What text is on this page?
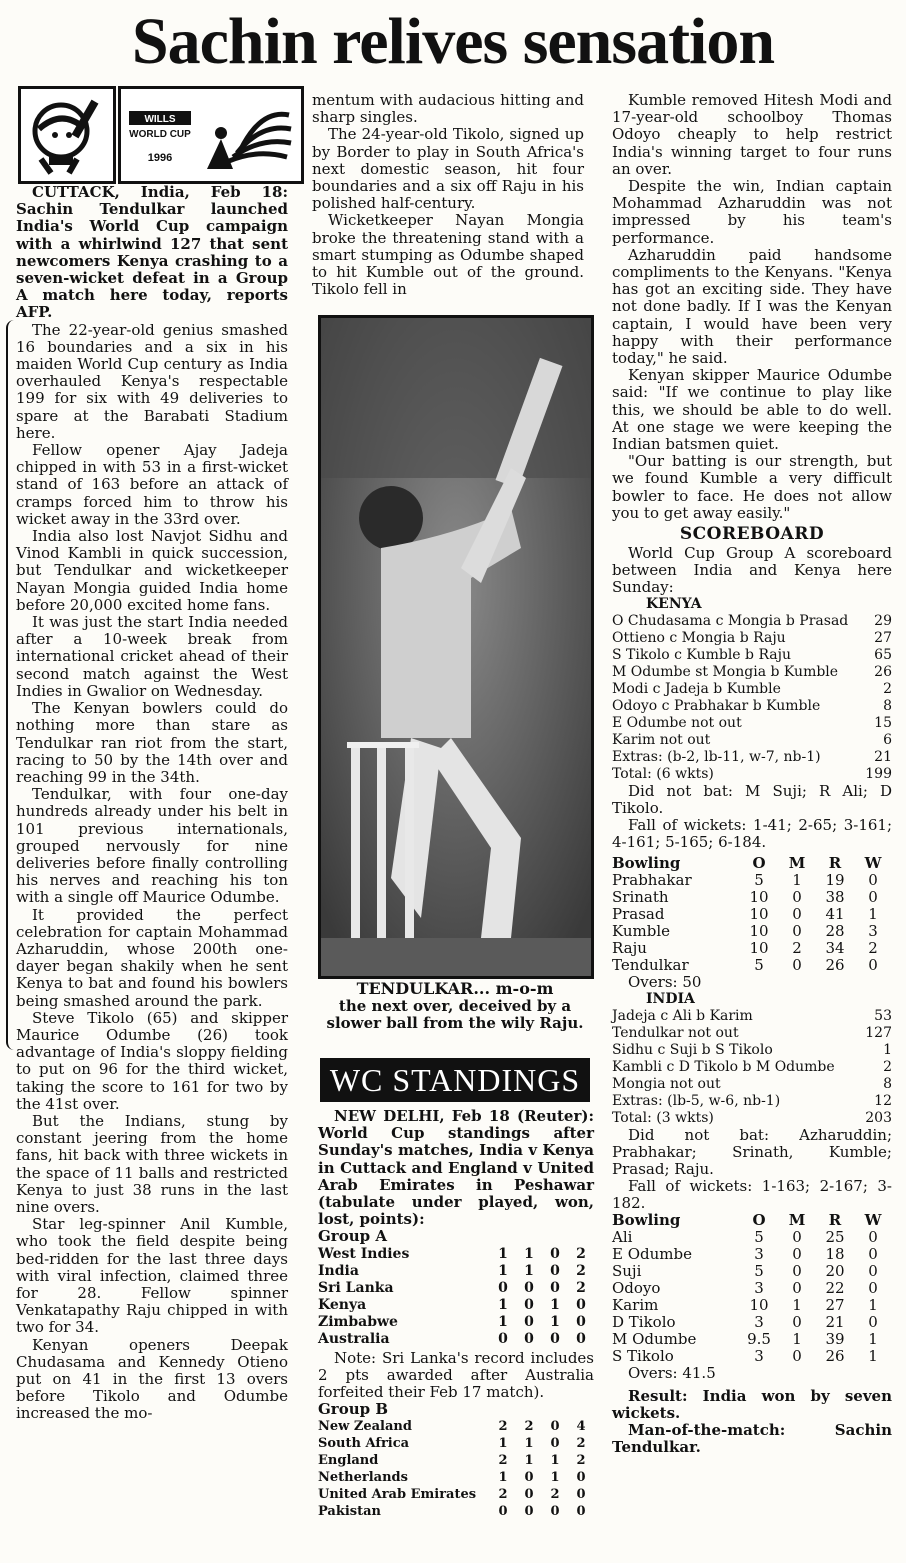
Sachin relives sensation
WILLS
WORLD CUP
1996

CUTTACK, India, Feb 18: Sachin Tendulkar launched India's World Cup campaign with a whirlwind 127 that sent newcomers Kenya crashing to a seven-wicket defeat in a Group A match here today, reports AFP.

The 22-year-old genius smashed 16 boundaries and a six in his maiden World Cup century as India overhauled Kenya's respectable 199 for six with 49 deliveries to spare at the Barabati Stadium here.

Fellow opener Ajay Jadeja chipped in with 53 in a first-wicket stand of 163 before an attack of cramps forced him to throw his wicket away in the 33rd over.

India also lost Navjot Sidhu and Vinod Kambli in quick succession, but Tendulkar and wicketkeeper Nayan Mongia guided India home before 20,000 excited home fans.

It was just the start India needed after a 10-week break from international cricket ahead of their second match against the West Indies in Gwalior on Wednesday.

The Kenyan bowlers could do nothing more than stare as Tendulkar ran riot from the start, racing to 50 by the 14th over and reaching 99 in the 34th.

Tendulkar, with four one-day hundreds already under his belt in 101 previous internationals, grouped nervously for nine deliveries before finally controlling his nerves and reaching his ton with a single off Maurice Odumbe.

It provided the perfect celebration for captain Mohammad Azharuddin, whose 200th one-dayer began shakily when he sent Kenya to bat and found his bowlers being smashed around the park.

Steve Tikolo (65) and skipper Maurice Odumbe (26) took advantage of India's sloppy fielding to put on 96 for the third wicket, taking the score to 161 for two by the 41st over.

But the Indians, stung by constant jeering from the home fans, hit back with three wickets in the space of 11 balls and restricted Kenya to just 38 runs in the last nine overs.

Star leg-spinner Anil Kumble, who took the field despite being bed-ridden for the last three days with viral infection, claimed three for 28. Fellow spinner Venkatapathy Raju chipped in with two for 34.

Kenyan openers Deepak Chudasama and Kennedy Otieno put on 41 in the first 13 overs before Tikolo and Odumbe increased the mo-

mentum with audacious hitting and sharp singles.

The 24-year-old Tikolo, signed up by Border to play in South Africa's next domestic season, hit four boundaries and a six off Raju in his polished half-century.

Wicketkeeper Nayan Mongia broke the threatening stand with a smart stumping as Odumbe shaped to hit Kumble out of the ground. Tikolo fell in

TENDULKAR... m-o-m
the next over, deceived by a slower ball from the wily Raju.
WC STANDINGS

NEW DELHI, Feb 18 (Reuter): World Cup standings after Sunday's matches, India v Kenya in Cuttack and England v United Arab Emirates in Peshawar (tabulate under played, won, lost, points):

Group A
West Indies	1	1	0	2
India	1	1	0	2
Sri Lanka	0	0	0	2
Kenya	1	0	1	0
Zimbabwe	1	0	1	0
Australia	0	0	0	0

Note: Sri Lanka's record includes 2 pts awarded after Australia forfeited their Feb 17 match).

Group B
New Zealand	2	2	0	4
South Africa	1	1	0	2
England	2	1	1	2
Netherlands	1	0	1	0
United Arab Emirates	2	0	2	0
Pakistan	0	0	0	0

Kumble removed Hitesh Modi and 17-year-old schoolboy Thomas Odoyo cheaply to help restrict India's winning target to four runs an over.

Despite the win, Indian captain Mohammad Azharuddin was not impressed by his team's performance.

Azharuddin paid handsome compliments to the Kenyans. "Kenya has got an exciting side. They have not done badly. If I was the Kenyan captain, I would have been very happy with their performance today," he said.

Kenyan skipper Maurice Odumbe said: "If we continue to play like this, we should be able to do well. At one stage we were keeping the Indian batsmen quiet.

"Our batting is our strength, but we found Kumble a very difficult bowler to face. He does not allow you to get away easily."

SCOREBOARD

World Cup Group A scoreboard between India and Kenya here Sunday:

KENYA
O Chudasama c Mongia b Prasad	29
Ottieno c Mongia b Raju	27
S Tikolo c Kumble b Raju	65
M Odumbe st Mongia b Kumble	26
Modi c Jadeja b Kumble	2
Odoyo c Prabhakar b Kumble	8
E Odumbe not out	15
Karim not out	6
Extras: (b-2, lb-11, w-7, nb-1)	21
Total: (6 wkts)	199

Did not bat: M Suji; R Ali; D Tikolo.

Fall of wickets: 1-41; 2-65; 3-161; 4-161; 5-165; 6-184.

Bowling	O	M	R	W
Prabhakar	5	1	19	0
Srinath	10	0	38	0
Prasad	10	0	41	1
Kumble	10	0	28	3
Raju	10	2	34	2
Tendulkar	5	0	26	0

Overs: 50

INDIA
Jadeja c Ali b Karim	53
Tendulkar not out	127
Sidhu c Suji b S Tikolo	1
Kambli c D Tikolo b M Odumbe	2
Mongia not out	8
Extras: (lb-5, w-6, nb-1)	12
Total: (3 wkts)	203

Did not bat: Azharuddin; Prabhakar; Srinath, Kumble; Prasad; Raju.

Fall of wickets: 1-163; 2-167; 3-182.

Bowling	O	M	R	W
Ali	5	0	25	0
E Odumbe	3	0	18	0
Suji	5	0	20	0
Odoyo	3	0	22	0
Karim	10	1	27	1
D Tikolo	3	0	21	0
M Odumbe	9.5	1	39	1
S Tikolo	3	0	26	1

Overs: 41.5

Result: India won by seven wickets.

Man-of-the-match: Sachin Tendulkar.
